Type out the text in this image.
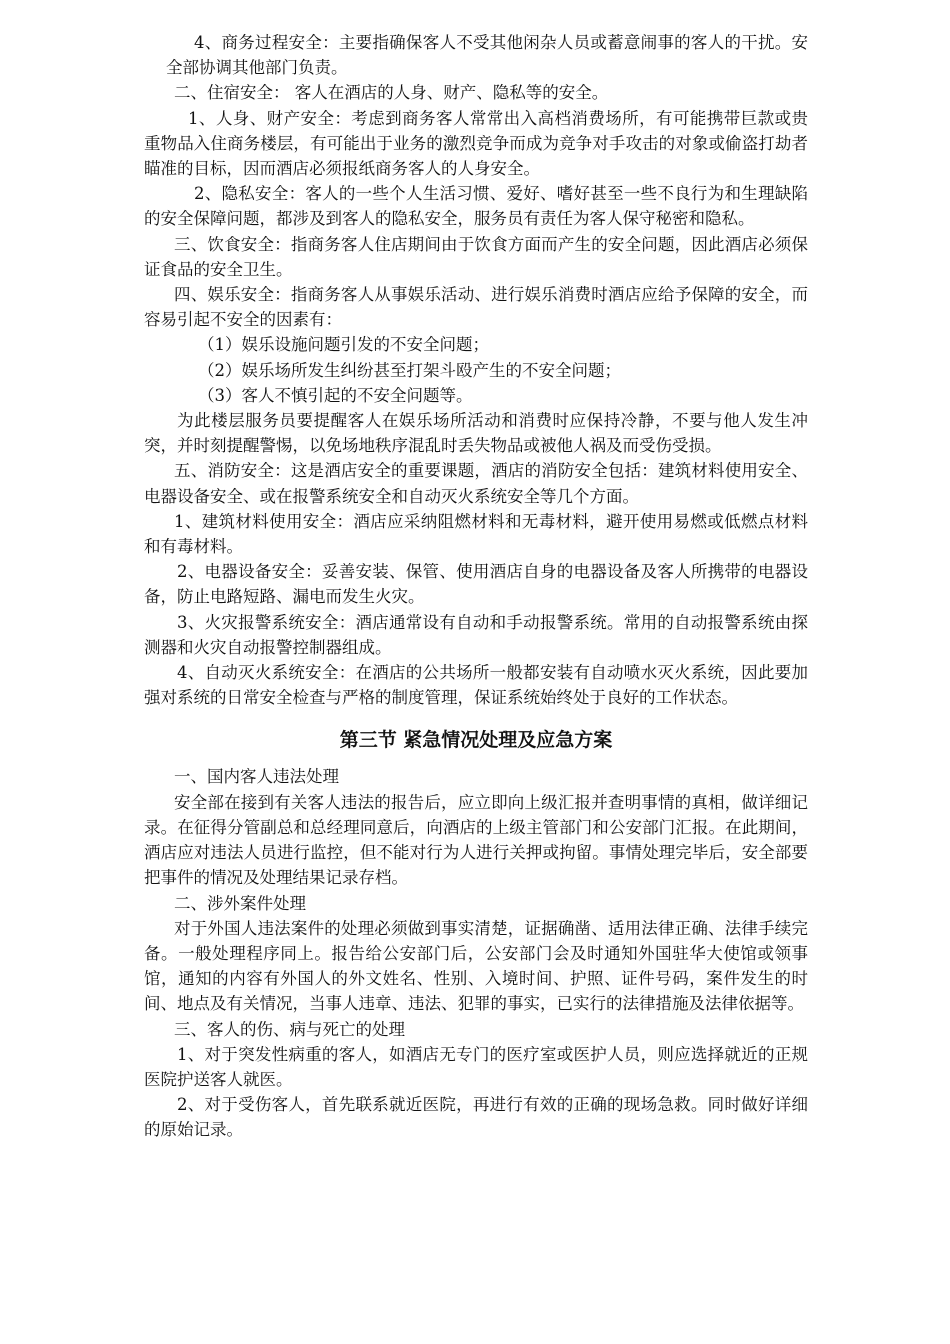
4、商务过程安全：主要指确保客人不受其他闲杂人员或蓄意闹事的客人的干扰。安全部协调其他部门负责。

二、住宿安全： 客人在酒店的人身、财产、隐私等的安全。

1、人身、财产安全：考虑到商务客人常常出入高档消费场所，有可能携带巨款或贵重物品入住商务楼层，有可能出于业务的激烈竞争而成为竞争对手攻击的对象或偷盗打劫者瞄准的目标，因而酒店必须报纸商务客人的人身安全。

2、隐私安全：客人的一些个人生活习惯、爱好、嗜好甚至一些不良行为和生理缺陷的安全保障问题，都涉及到客人的隐私安全，服务员有责任为客人保守秘密和隐私。

三、饮食安全：指商务客人住店期间由于饮食方面而产生的安全问题，因此酒店必须保证食品的安全卫生。

四、娱乐安全：指商务客人从事娱乐活动、进行娱乐消费时酒店应给予保障的安全，而容易引起不安全的因素有：

（1）娱乐设施问题引发的不安全问题；

（2）娱乐场所发生纠纷甚至打架斗殴产生的不安全问题；

（3）客人不慎引起的不安全问题等。

为此楼层服务员要提醒客人在娱乐场所活动和消费时应保持冷静，不要与他人发生冲突，并时刻提醒警惕，以免场地秩序混乱时丢失物品或被他人祸及而受伤受损。

五、消防安全：这是酒店安全的重要课题，酒店的消防安全包括：建筑材料使用安全、电器设备安全、或在报警系统安全和自动灭火系统安全等几个方面。

1、建筑材料使用安全：酒店应采纳阻燃材料和无毒材料，避开使用易燃或低燃点材料和有毒材料。

2、电器设备安全：妥善安装、保管、使用酒店自身的电器设备及客人所携带的电器设备，防止电路短路、漏电而发生火灾。

3、火灾报警系统安全：酒店通常设有自动和手动报警系统。常用的自动报警系统由探测器和火灾自动报警控制器组成。

4、自动灭火系统安全：在酒店的公共场所一般都安装有自动喷水灭火系统，因此要加强对系统的日常安全检查与严格的制度管理，保证系统始终处于良好的工作状态。

第三节 紧急情况处理及应急方案

一、国内客人违法处理

安全部在接到有关客人违法的报告后，应立即向上级汇报并查明事情的真相，做详细记录。在征得分管副总和总经理同意后，向酒店的上级主管部门和公安部门汇报。在此期间，酒店应对违法人员进行监控，但不能对行为人进行关押或拘留。事情处理完毕后，安全部要把事件的情况及处理结果记录存档。

二、涉外案件处理

对于外国人违法案件的处理必须做到事实清楚，证据确凿、适用法律正确、法律手续完备。一般处理程序同上。报告给公安部门后，公安部门会及时通知外国驻华大使馆或领事馆，通知的内容有外国人的外文姓名、性别、入境时间、护照、证件号码，案件发生的时间、地点及有关情况，当事人违章、违法、犯罪的事实，已实行的法律措施及法律依据等。

三、客人的伤、病与死亡的处理

1、对于突发性病重的客人，如酒店无专门的医疗室或医护人员，则应选择就近的正规医院护送客人就医。

2、对于受伤客人，首先联系就近医院，再进行有效的正确的现场急救。同时做好详细的原始记录。
